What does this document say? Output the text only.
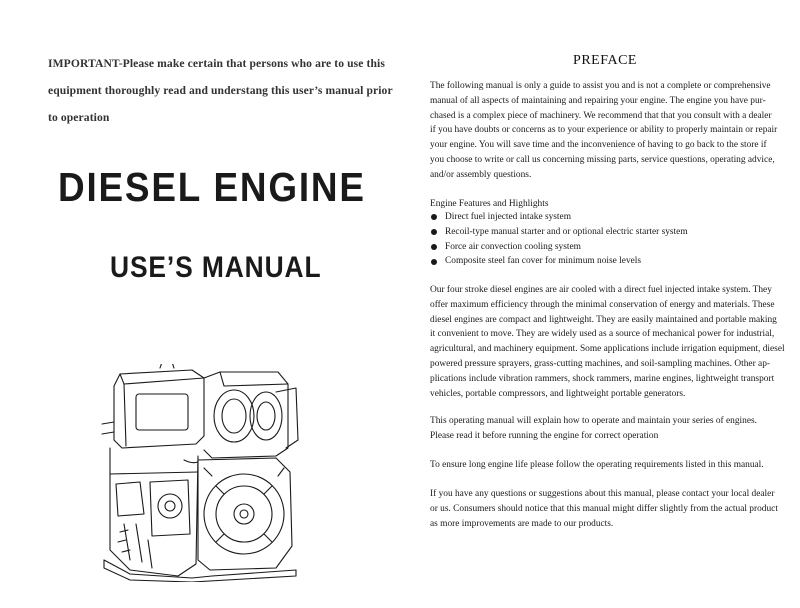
IMPORTANT-Please make certain that persons who are to use this
equipment thoroughly read and understang this user’s manual prior
to operation
DIESEL ENGINE
USE’S MANUAL
PREFACE
The following manual is only a guide to assist you and is not a complete or comprehensive
manual of all aspects of maintaining and repairing your engine. The engine you have pur-
chased is a complex piece of machinery. We recommend that that you consult with a dealer
if you have doubts or concerns as to your experience or ability to properly maintain or repair
your engine. You will save time and the inconvenience of having to go back to the store if
you choose to write or call us concerning missing parts, service questions, operating advice,
and/or assembly questions.
Engine Features and Highlights
Direct fuel injected intake system
Recoil-type manual starter and or optional electric starter system
Force air convection cooling system
Composite steel fan cover for minimum noise levels
Our four stroke diesel engines are air cooled with a direct fuel injected intake system. They
offer maximum efficiency through the minimal conservation of energy and materials. These
diesel engines are compact and lightweight. They are easily maintained and portable making
it convenient to move. They are widely used as a source of mechanical power for industrial,
agricultural, and machinery equipment. Some applications include irrigation equipment, diesel
powered pressure sprayers, grass-cutting machines, and soil-sampling machines. Other ap-
plications include vibration rammers, shock rammers, marine engines, lightweight transport
vehicles, portable compressors, and lightweight portable generators.
This operating manual will explain how to operate and maintain your series of engines.
Please read it before running the engine for correct operation
To ensure long engine life please follow the operating requirements listed in this manual.
If you have any questions or suggestions about this manual, please contact your local dealer
or us. Consumers should notice that this manual might differ slightly from the actual product
as more improvements are made to our products.
